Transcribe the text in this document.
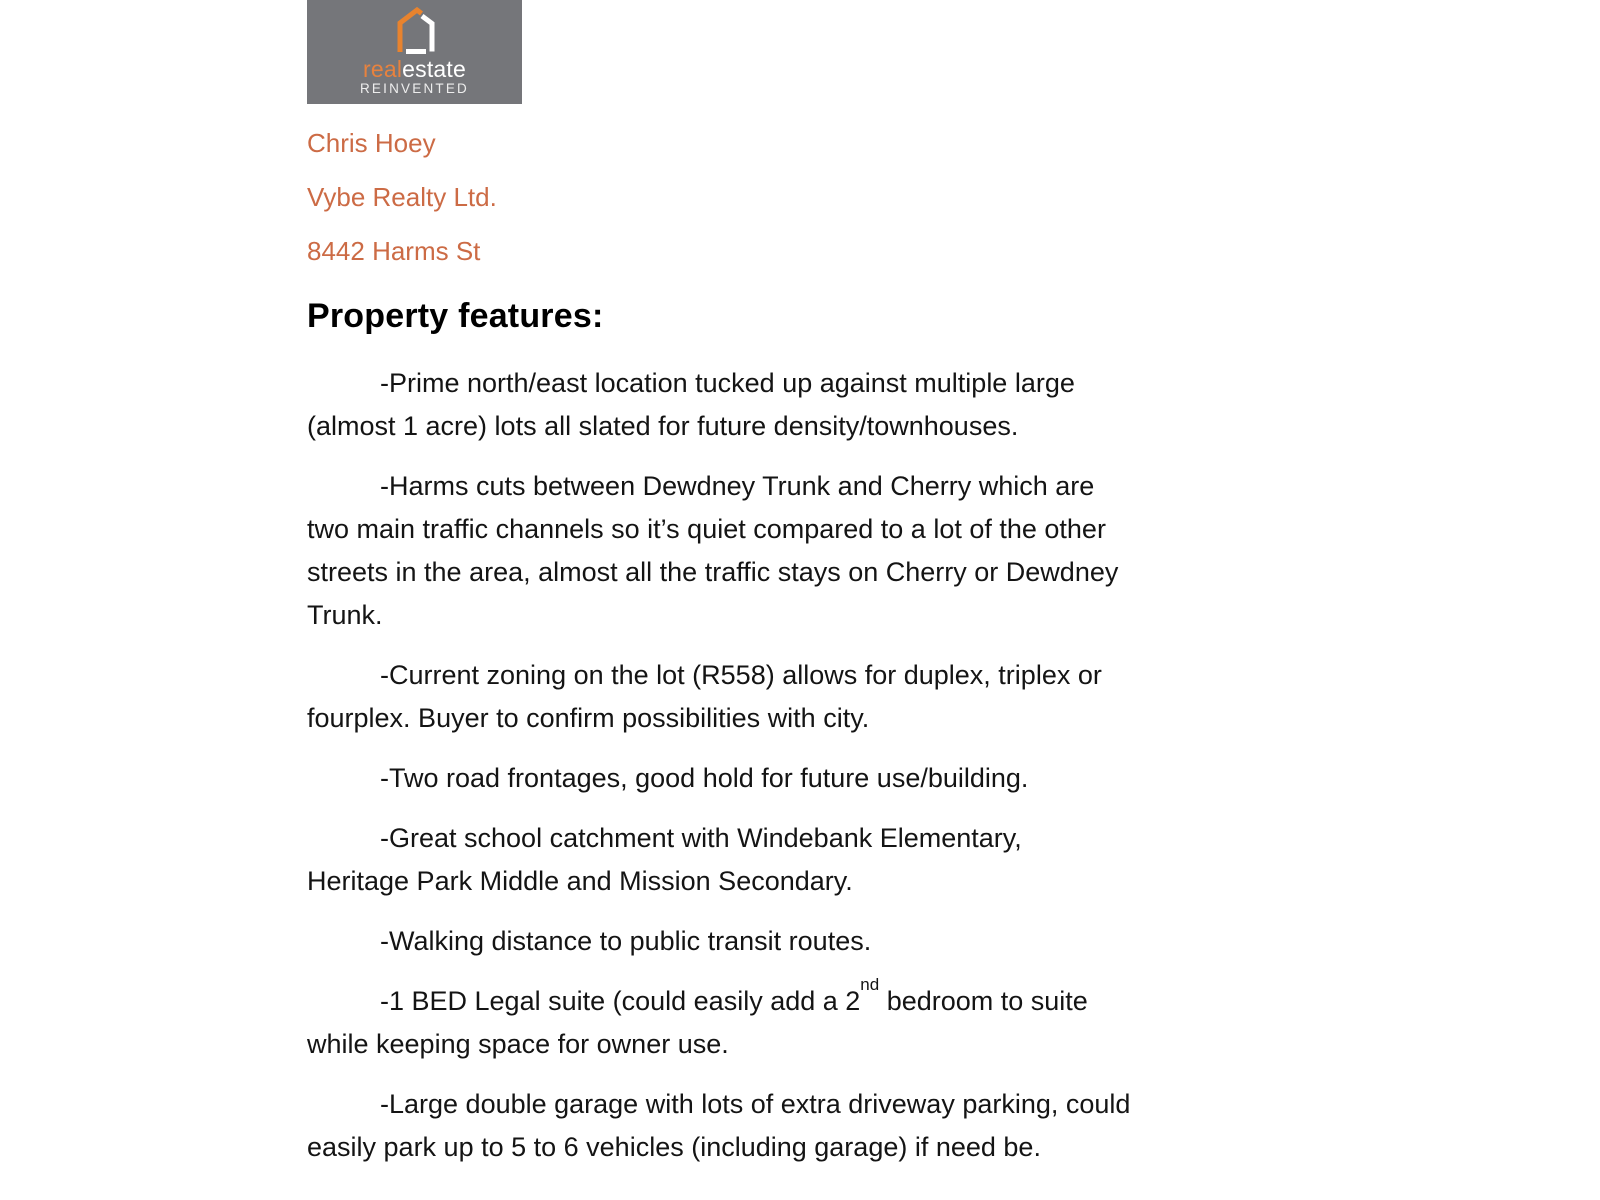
realestate
REINVENTED

Chris Hoey

Vybe Realty Ltd.

8442 Harms St

Property features:

-Prime north/east location tucked up against multiple large
(almost 1 acre) lots all slated for future density/townhouses.

-Harms cuts between Dewdney Trunk and Cherry which are
two main traffic channels so it’s quiet compared to a lot of the other
streets in the area, almost all the traffic stays on Cherry or Dewdney
Trunk.

-Current zoning on the lot (R558) allows for duplex, triplex or
fourplex. Buyer to confirm possibilities with city.

-Two road frontages, good hold for future use/building.

-Great school catchment with Windebank Elementary,
Heritage Park Middle and Mission Secondary.

-Walking distance to public transit routes.

-1 BED Legal suite (could easily add a 2nd bedroom to suite
while keeping space for owner use.

-Large double garage with lots of extra driveway parking, could
easily park up to 5 to 6 vehicles (including garage) if need be.
